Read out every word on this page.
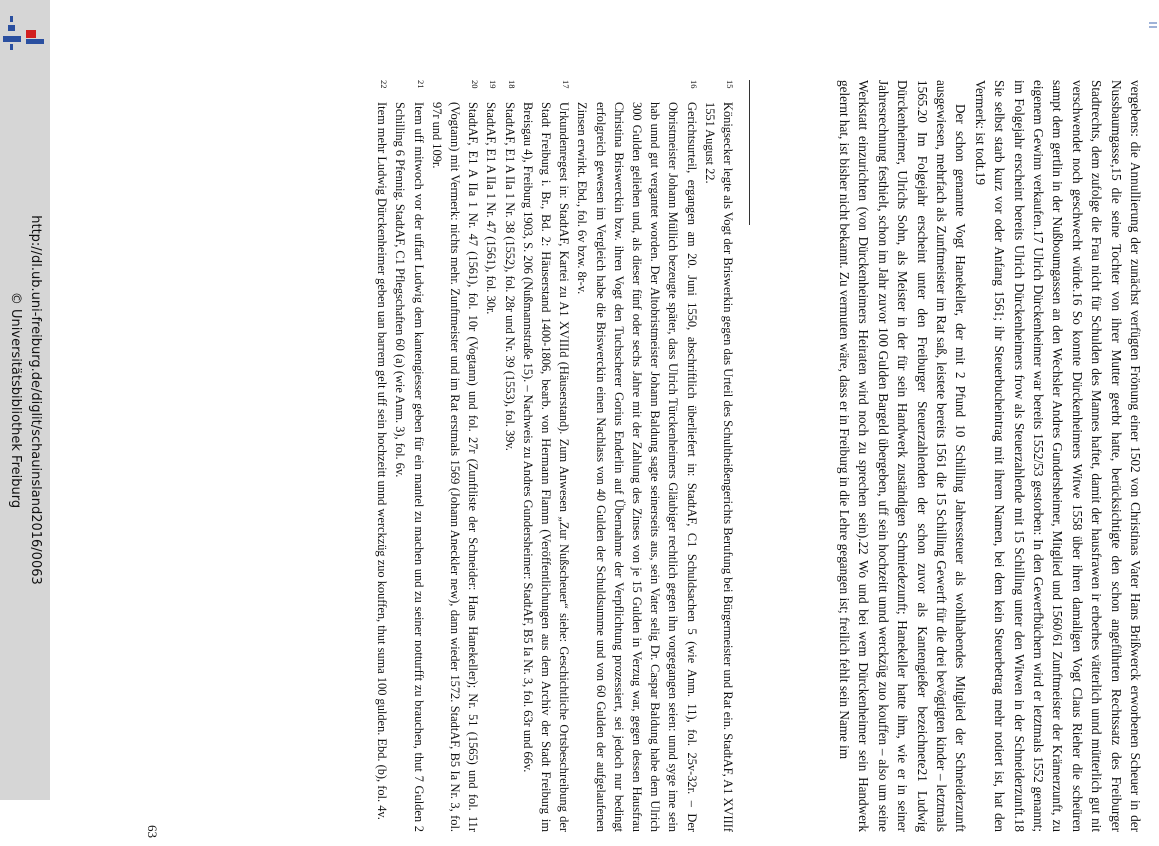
http://dl.ub.uni-freiburg.de/diglit/schauinsland2016/0063
© Universitätsbibliothek Freiburg	vergebens: die Annullierung der zunächst verfügten Frönung einer 1502 von Christinas Vater Hans Brißwerck erworbenen Scheuer in der Nussbaumgasse,15 die seine Tochter von ihrer Mutter geerbt hatte, berücksichtigte den schon angeführten Rechtssatz des Freiburger Stadtrechts, dem zufolge die Frau nicht für Schulden des Mannes haftet, damit der hausfrawen ir erberhes vätterlich unnd mütterlich gut nit verschwendet noch geschwecht würde.16 So konnte Dürckenheimers Witwe 1558 über ihren damaligen Vogt Claus Rieher die scheüren sampt dem gertlin in der Nußboumgassen an den Wechsler Andres Gundersheimer, Mitglied und 1560/61 Zunftmeister der Krämerzunft, zu eigenem Gewinn verkaufen.17 Ulrich Dürckenheimer war bereits 1552/53 gestorben: In den Gewerfbüchern wird er letztmals 1552 genannt; im Folgejahr erscheint bereits Ulrich Dürckenheimers frow als Steuerzahlende mit 15 Schilling unter den Witwen in der Schneiderzunft.18 Sie selbst starb kurz vor oder Anfang 1561; ihr Steuerbucheintrag mit ihrem Namen, bei dem kein Steuerbetrag mehr notiert ist, hat den Vermerk: ist todt.19

Der schon genannte Vogt Hanekeller, der mit 2 Pfund 10 Schilling Jahressteuer als wohlhabendes Mitglied der Schneiderzunft ausgewiesen, mehrfach als Zunftmeister im Rat saß, leistete bereits 1561 die 15 Schilling Gewerft für die drei bevögtigten kinder – letztmals 1565.20 Im Folgejahr erscheint unter den Freiburger Steuerzahlenden der schon zuvor als Kantengießer bezeichnete21 Ludwig Dürckenheimer, Ulrichs Sohn, als Meister in der für sein Handwerk zuständigen Schmiedezunft; Hanekeller hatte ihm, wie er in seiner Jahresrechnung festhielt, schon im Jahr zuvor 100 Gulden Bargeld übergeben, uff sein hochzeitt unnd werckzüg zuo kouffen – also um seine Werkstatt einzurichten (von Dürckenheimers Heiraten wird noch zu sprechen sein).22 Wo und bei wem Dürckenheimer sein Handwerk gelernt hat, ist bisher nicht bekannt. Zu vermuten wäre, dass er in Freiburg in die Lehre gegangen ist; freilich fehlt sein Name im

15
Königsecker legte als Vogt der Briswerkin gegen das Urteil des Schultheißengerichts Berufung bei Bürgermeister und Rat ein. StadtAF, A1 XVIIIf 1551 August 22.
16
Gerichtsurteil, ergangen am 20. Juni 1550, abschriftlich überliefert in: StadtAF, C1 Schuldsachen 5 (wie Anm. 11), fol. 25v-32r. – Der Obristmeister Johann Müllich bezeugte später, dass Ulrich Türckenheimers Gläubiger rechtlich gegen ihn vorgegangen seien: unnd syge ime sein hab unnd gut vergantet worden. Der Altobristmeister Johann Baldung sagte seinerseits aus, sein Vater selig Dr. Caspar Baldung habe dem Ulrich 300 Gulden geliehen und, als dieser fünf oder sechs Jahre mit der Zahlung des Zinses von je 15 Gulden in Verzug war, gegen dessen Hausfrau Christina Briswerckin bzw. ihren Vogt den Tuchscherer Gorius Enderlin auf Übernahme der Verpflichtung prozessiert, sei jedoch nur bedingt erfolgreich gewesen im Vergleich habe die Briswerckin einen Nachlass von 40 Gulden der Schuldsumme und von 60 Gulden der aufgelaufenen Zinsen erwirkt. Ebd., fol. 6v bzw. 8r-v.
17
Urkundenregest in: StadtAF, Kartei zu A1 XVIIId (Häuserstand). Zum Anwesen „Zur Nußscheuer“ siehe: Geschichtliche Ortsbeschreibung der Stadt Freiburg i. Br., Bd. 2: Häuserstand 1400-1806, bearb. von Hermann Flamm (Veröffentlichungen aus dem Archiv der Stadt Freiburg im Breisgau 4), Freiburg 1903, S. 206 (Nußmannstraße 15). – Nachweis zu Andres Gundersheimer: StadtAF, B5 Ia Nr. 3, fol. 63r und 66v.
18
StadtAF, E1 A IIa 1 Nr. 38 (1552), fol. 28r und Nr. 39 (1553), fol. 39v.
19
StadtAF, E1 A IIa 1 Nr. 47 (1561), fol. 30r.
20
StadtAF, E1 A IIa 1 Nr. 47 (1561), fol. 10r (Vogtann) und fol. 27r (Zunftliste der Schneider: Hans Hanekeller); Nr. 51 (1565) und fol. 11r (Vogtann) mit Vermerk: nichts mehr. Zunftmeister und im Rat erstmals 1569 (Johann Aneckler new), dann wieder 1572. StadtAF, B5 Ia Nr. 3, fol. 97r und 109r.
21
Item uff mitwoch vor der uffart Ludwig dem kantengiesser geben für ein mantel zu machen und zu seiner notturfft zu brauchen, thut 7 Gulden 2 Schilling 6 Pfennig. StadtAF, C1 Pflegschaften 60 (a) (wie Anm. 3), fol. 6v.
22
Item mehr Ludwig Dürckenheimer geben uan barrem gelt uff sein hochzeitt unnd werckzüg zuo kouffen, thut suma 100 gulden. Ebd. (b), fol. 4v.
63
